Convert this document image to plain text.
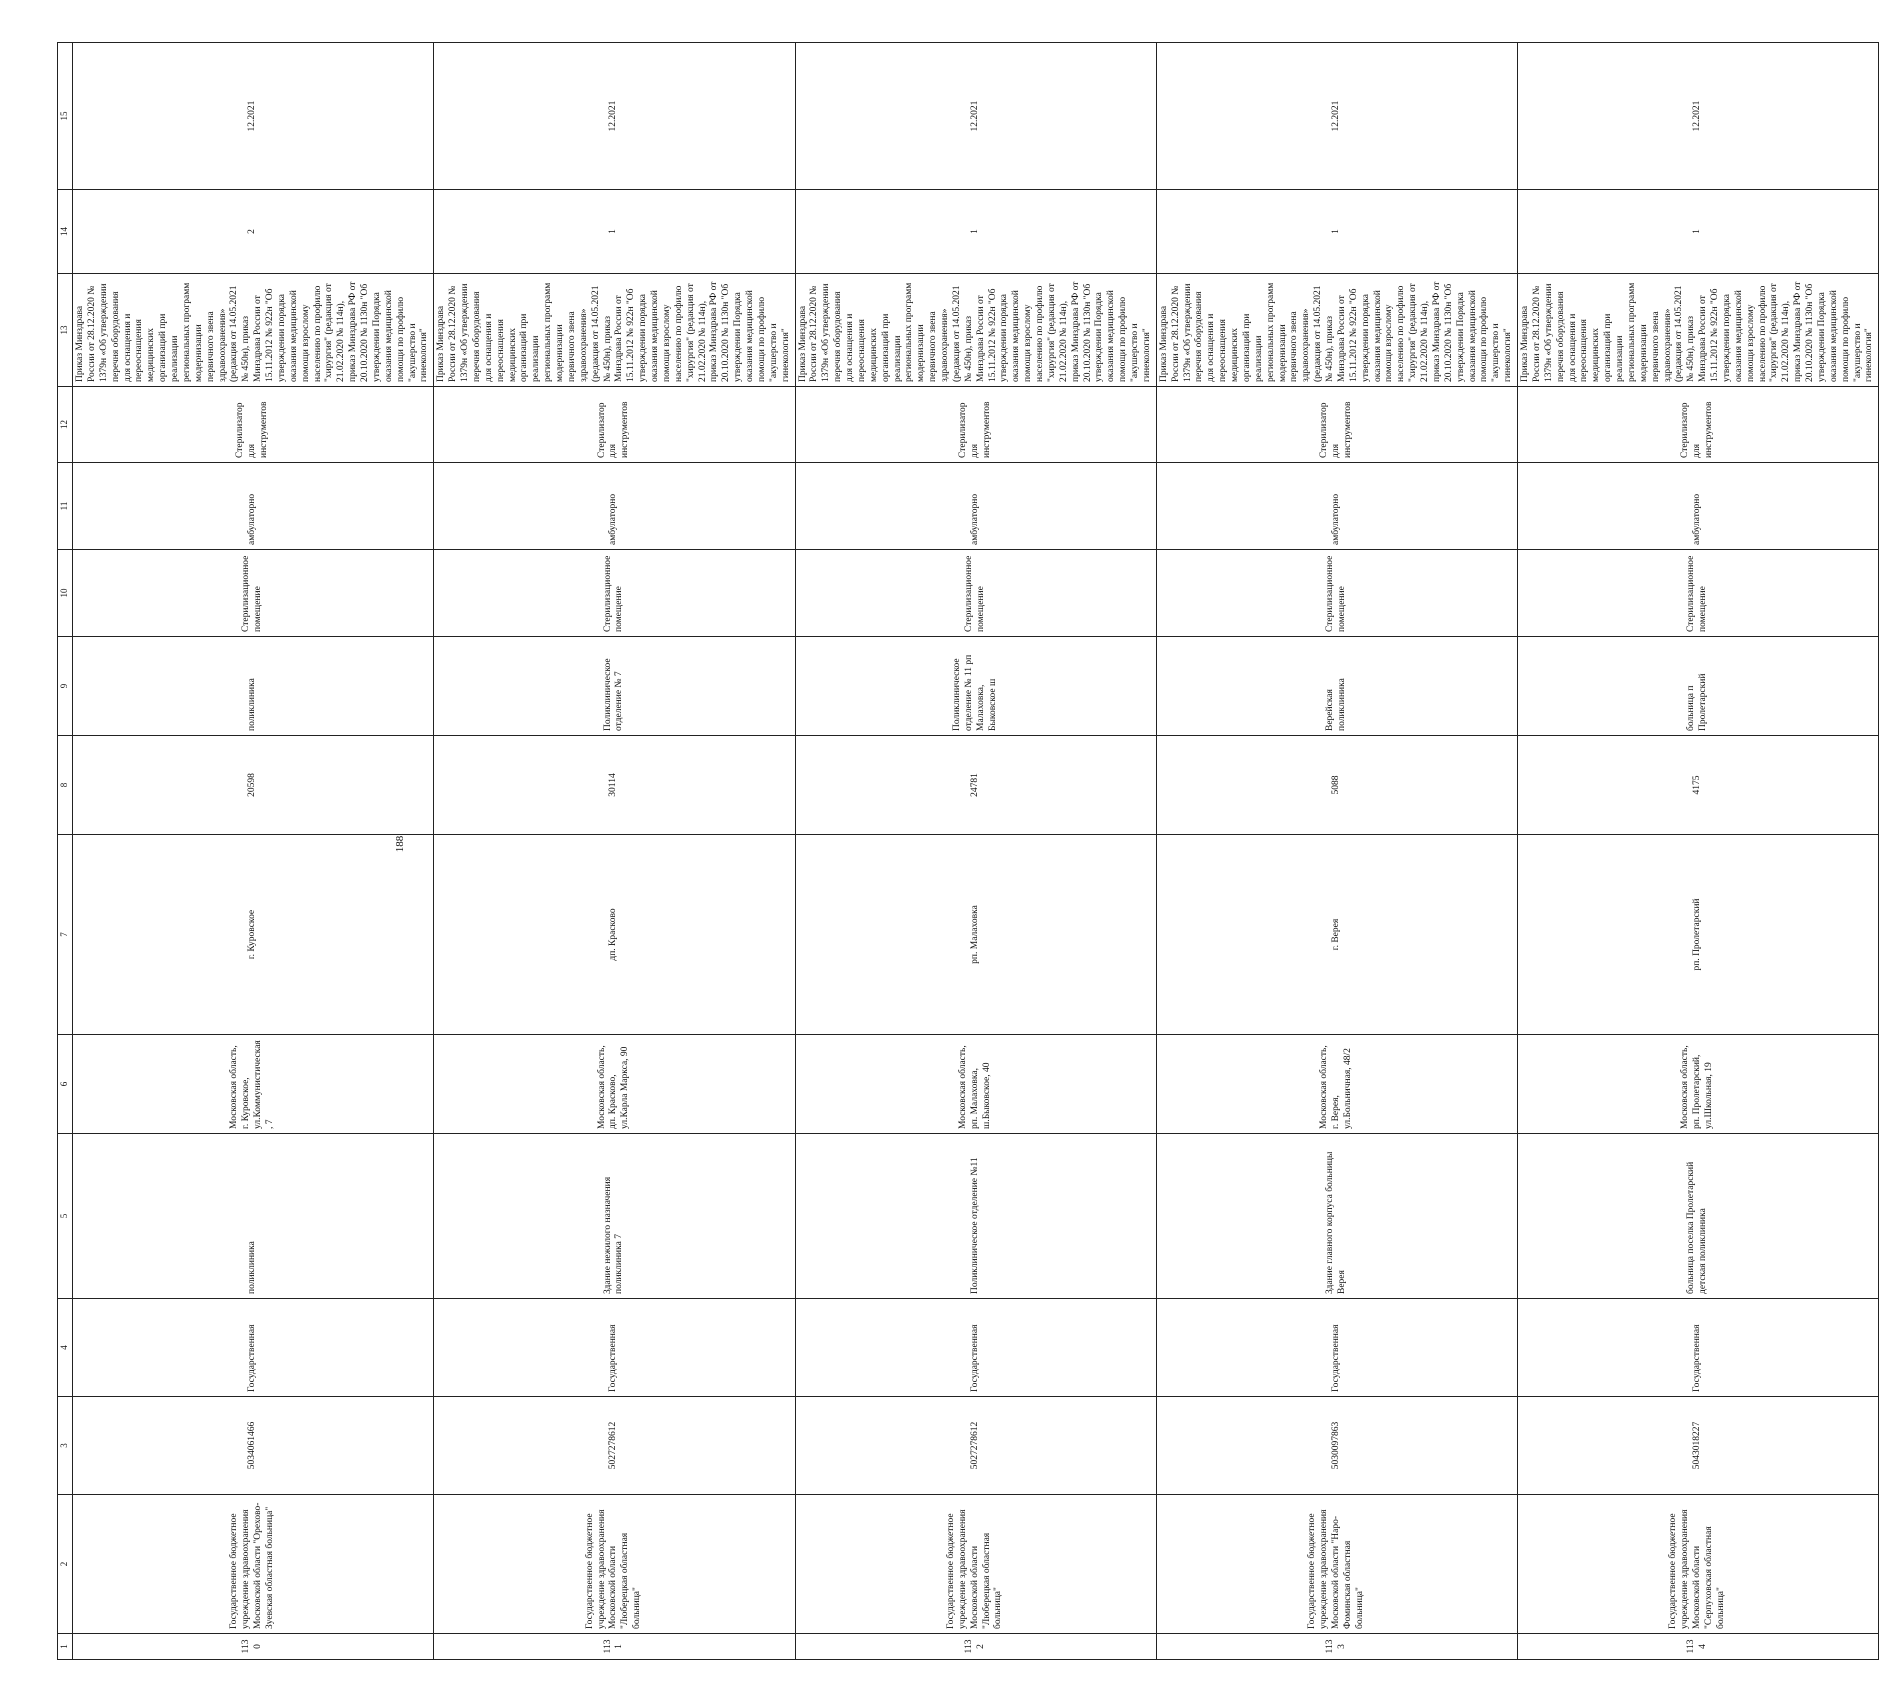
188
1	2	3	4	5	6	7	8	9	10	11	12	13	14	15
1130	Государственное бюджетное учреждение здравоохранения Московской области "Орехово-Зуевская областная больница"	5034061466	Государственная	поликлиника	Московская область, г. Куровское, ул.Коммунистическая, 7	г. Куровское	20598	поликлиника	Стерилизационное помещение	амбулаторно	Стерилизатор для инструментов	Приказ Минздрава России от 28.12.2020 № 1379н «Об утверждении перечня оборудования для оснащения и переоснащения медицинских организаций при реализации региональных программ модернизации первичного звена здравоохранения» (редакция от 14.05.2021 № 450н), приказ Минздрава России от 15.11.2012 № 922н "Об утверждении порядка оказания медицинской помощи взрослому населению по профилю "хирургия" (редакция от 21.02.2020 № 114н), приказ Минздрава РФ от 20.10.2020 № 1130н "Об утверждении Порядка оказания медицинской помощи по профилю "акушерство и гинекология"	2	12.2021
1131	Государственное бюджетное учреждение здравоохранения Московской области "Люберецкая областная больница"	5027278612	Государственная	Здание нежилого назначения поликлиника 7	Московская область, дп. Красково, ул.Карла Маркса, 90	дп. Красково	30114	Поликлиническое отделение № 7	Стерилизационное помещение	амбулаторно	Стерилизатор для инструментов	Приказ Минздрава России от 28.12.2020 № 1379н «Об утверждении перечня оборудования для оснащения и переоснащения медицинских организаций при реализации региональных программ модернизации первичного звена здравоохранения» (редакция от 14.05.2021 № 450н), приказ Минздрава России от 15.11.2012 № 922н "Об утверждении порядка оказания медицинской помощи взрослому населению по профилю "хирургия" (редакция от 21.02.2020 № 114н), приказ Минздрава РФ от 20.10.2020 № 1130н "Об утверждении Порядка оказания медицинской помощи по профилю "акушерство и гинекология"	1	12.2021
1132	Государственное бюджетное учреждение здравоохранения Московской области "Люберецкая областная больница"	5027278612	Государственная	Поликлиническое отделение №11	Московская область, рп. Малаховка, ш.Быковское, 40	рп. Малаховка	24781	Поликлиническое отделение № 11 рп Малаховка, Быковское ш	Стерилизационное помещение	амбулаторно	Стерилизатор для инструментов	Приказ Минздрава России от 28.12.2020 № 1379н «Об утверждении перечня оборудования для оснащения и переоснащения медицинских организаций при реализации региональных программ модернизации первичного звена здравоохранения» (редакция от 14.05.2021 № 450н), приказ Минздрава России от 15.11.2012 № 922н "Об утверждении порядка оказания медицинской помощи взрослому населению по профилю "хирургия" (редакция от 21.02.2020 № 114н), приказ Минздрава РФ от 20.10.2020 № 1130н "Об утверждении Порядка оказания медицинской помощи по профилю "акушерство и гинекология"	1	12.2021
1133	Государственное бюджетное учреждение здравоохранения Московской области "Наро-Фоминская областная больница"	5030097863	Государственная	Здание главного корпуса больницы Верея	Московская область, г. Верея, ул.Больничная, 48/2	г. Верея	5088	Верейская поликлиника	Стерилизационное помещение	амбулаторно	Стерилизатор для инструментов	Приказ Минздрава России от 28.12.2020 № 1379н «Об утверждении перечня оборудования для оснащения и переоснащения медицинских организаций при реализации региональных программ модернизации первичного звена здравоохранения» (редакция от 14.05.2021 № 450н), приказ Минздрава России от 15.11.2012 № 922н "Об утверждении порядка оказания медицинской помощи взрослому населению по профилю "хирургия" (редакция от 21.02.2020 № 114н), приказ Минздрава РФ от 20.10.2020 № 1130н "Об утверждении Порядка оказания медицинской помощи по профилю "акушерство и гинекология"	1	12.2021
1134	Государственное бюджетное учреждение здравоохранения Московской области "Серпуховская областная больница"	5043018227	Государственная	больница поселка Пролетарский детская поликлиника	Московская область, рп. Пролетарский, ул.Школьная, 19	рп. Пролетарский	4175	больница п Пролетарский	Стерилизационное помещение	амбулаторно	Стерилизатор для инструментов	Приказ Минздрава России от 28.12.2020 № 1379н «Об утверждении перечня оборудования для оснащения и переоснащения медицинских организаций при реализации региональных программ модернизации первичного звена здравоохранения» (редакция от 14.05.2021 № 450н), приказ Минздрава России от 15.11.2012 № 922н "Об утверждении порядка оказания медицинской помощи взрослому населению по профилю "хирургия" (редакция от 21.02.2020 № 114н), приказ Минздрава РФ от 20.10.2020 № 1130н "Об утверждении Порядка оказания медицинской помощи по профилю "акушерство и гинекология"	1	12.2021
